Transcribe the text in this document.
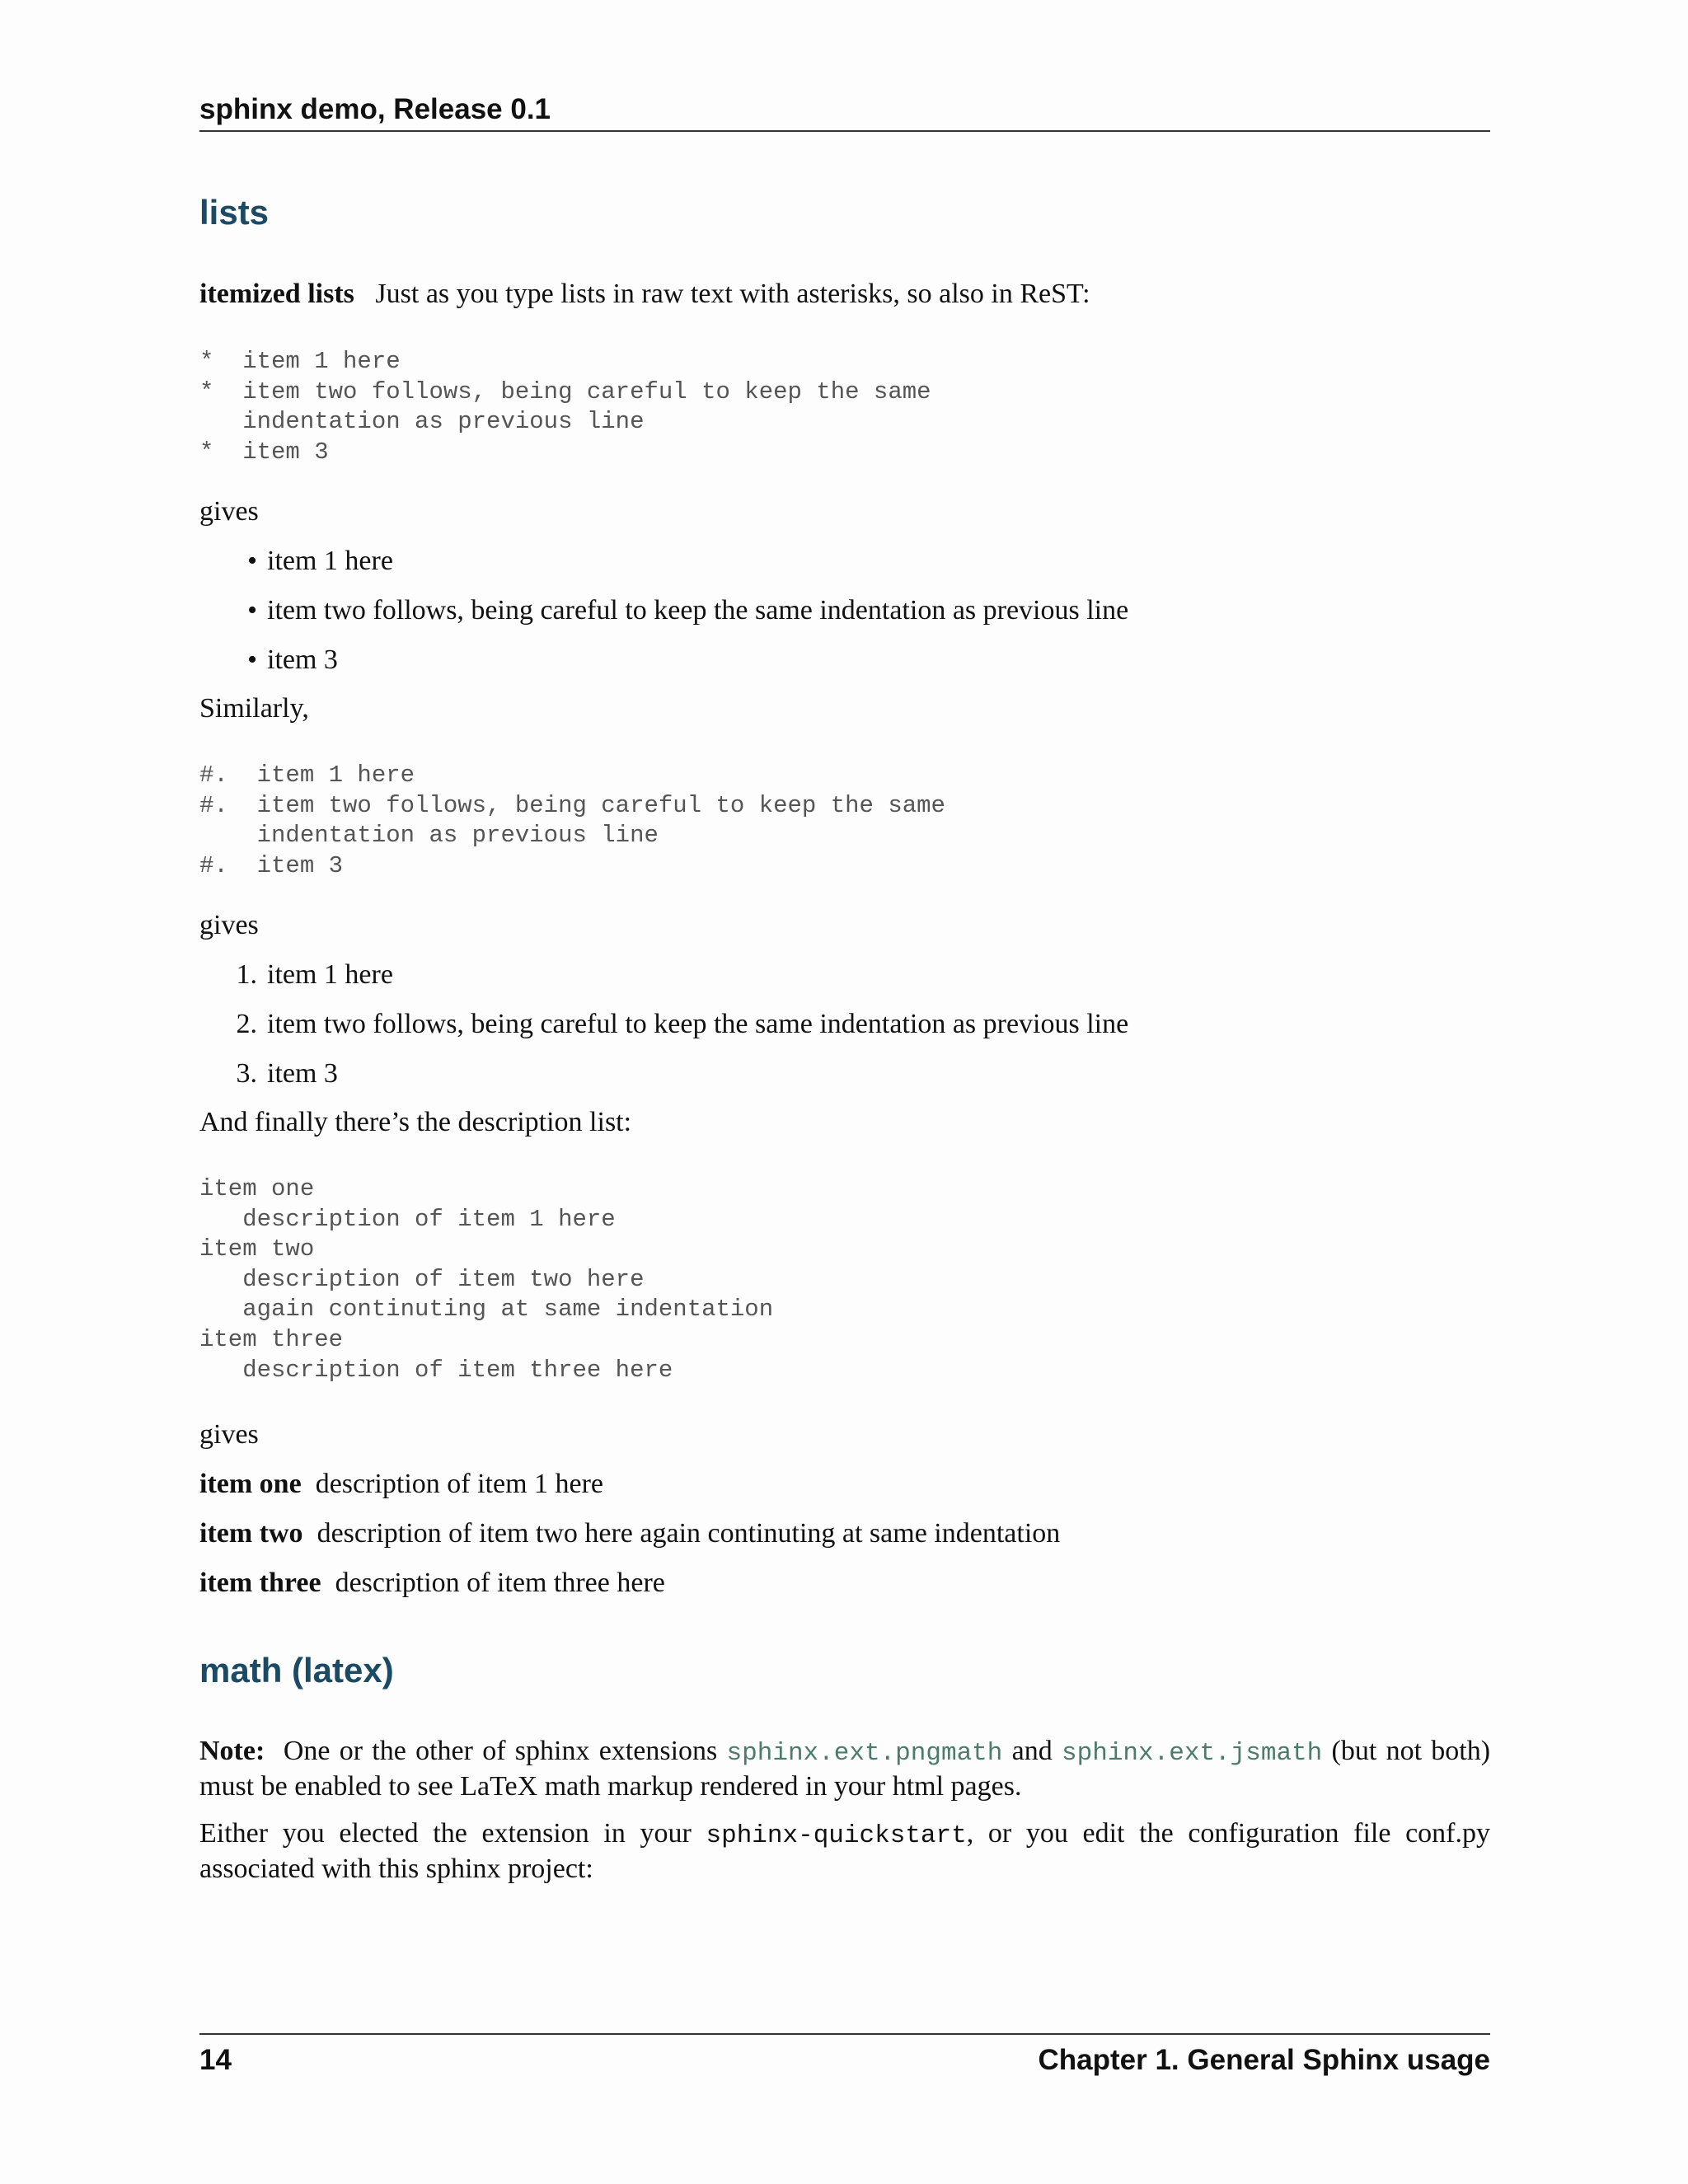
sphinx demo, Release 0.1
lists
itemized lists Just as you type lists in raw text with asterisks, so also in ReST:
*  item 1 here
*  item two follows, being careful to keep the same
indentation as previous line
*  item 3
gives
• item 1 here
• item two follows, being careful to keep the same indentation as previous line
• item 3
Similarly,
#.  item 1 here
#.  item two follows, being careful to keep the same
indentation as previous line
#.  item 3
gives
1. item 1 here
2. item two follows, being careful to keep the same indentation as previous line
3. item 3
And finally there’s the description list:
item one
description of item 1 here
item two
description of item two here
again continuting at same indentation
item three
description of item three here
gives
item one description of item 1 here
item two description of item two here again continuting at same indentation
item three description of item three here
math (latex)
Note: One or the other of sphinx extensions sphinx.ext.pngmath and sphinx.ext.jsmath (but not both) must be enabled to see LaTeX math markup rendered in your html pages.
Either you elected the extension in your sphinx-quickstart, or you edit the configuration file conf.py associated with this sphinx project:
14	Chapter 1. General Sphinx usage
